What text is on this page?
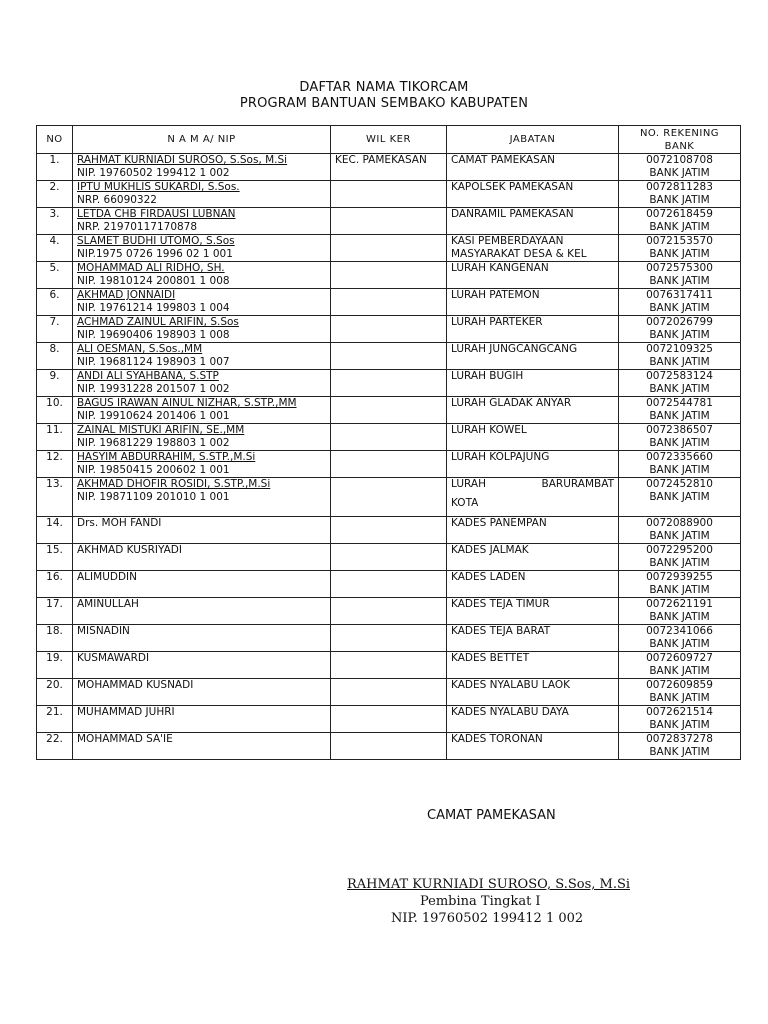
DAFTAR NAMA TIKORCAM
PROGRAM BANTUAN SEMBAKO KABUPATEN
NO	N A M A/ NIP	WIL KER	JABATAN	NO. REKENING
BANK

1.	RAHMAT KURNIADI SUROSO, S.Sos, M.Si
NIP. 19760502 199412 1 002	KEC. PAMEKASAN	CAMAT PAMEKASAN	0072108708
BANK JATIM

2.	IPTU MUKHLIS SUKARDI, S.Sos.
NRP. 66090322		KAPOLSEK PAMEKASAN	0072811283
BANK JATIM

3.	LETDA CHB FIRDAUSI LUBNAN
NRP. 21970117170878		DANRAMIL PAMEKASAN	0072618459
BANK JATIM

4.	SLAMET BUDHI UTOMO, S.Sos
NIP.1975 0726 1996 02 1 001		KASI PEMBERDAYAAN
MASYARAKAT DESA & KEL	0072153570
BANK JATIM

5.	MOHAMMAD ALI RIDHO, SH.
NIP. 19810124 200801 1 008		LURAH KANGENAN	0072575300
BANK JATIM

6.	AKHMAD JONNAIDI
NIP. 19761214 199803 1 004		LURAH PATEMON	0076317411
BANK JATIM

7.	ACHMAD ZAINUL ARIFIN, S.Sos
NIP. 19690406 198903 1 008		LURAH PARTEKER	0072026799
BANK JATIM

8.	ALI OESMAN, S.Sos.,MM
NIP. 19681124 198903 1 007		LURAH JUNGCANGCANG	0072109325
BANK JATIM

9.	ANDI ALI SYAHBANA, S.STP
NIP. 19931228 201507 1 002		LURAH BUGIH	0072583124
BANK JATIM

10.	BAGUS IRAWAN AINUL NIZHAR, S.STP.,MM
NIP. 19910624 201406 1 001		LURAH GLADAK ANYAR	0072544781
BANK JATIM

11.	ZAINAL MISTUKI ARIFIN, SE.,MM
NIP. 19681229 198803 1 002		LURAH KOWEL	0072386507
BANK JATIM

12.	HASYIM ABDURRAHIM, S.STP.,M.Si
NIP. 19850415 200602 1 001		LURAH KOLPAJUNG	0072335660
BANK JATIM

13.	AKHMAD DHOFIR ROSIDI, S.STP.,M.Si
NIP. 19871109 201010 1 001		LURAH BARURAMBAT
KOTA	0072452810
BANK JATIM

14.	Drs. MOH FANDI		KADES PANEMPAN	0072088900
BANK JATIM

15.	AKHMAD KUSRIYADI		KADES JALMAK	0072295200
BANK JATIM

16.	ALIMUDDIN		KADES LADEN	0072939255
BANK JATIM

17.	AMINULLAH		KADES TEJA TIMUR	0072621191
BANK JATIM

18.	MISNADIN		KADES TEJA BARAT	0072341066
BANK JATIM

19.	KUSMAWARDI		KADES BETTET	0072609727
BANK JATIM

20.	MOHAMMAD KUSNADI		KADES NYALABU LAOK	0072609859
BANK JATIM

21.	MUHAMMAD JUHRI		KADES NYALABU DAYA	0072621514
BANK JATIM

22.	MOHAMMAD SA'IE		KADES TORONAN	0072837278
BANK JATIM
CAMAT PAMEKASAN
RAHMAT KURNIADI SUROSO, S.Sos, M.Si
Pembina Tingkat I
NIP. 19760502 199412 1 002
